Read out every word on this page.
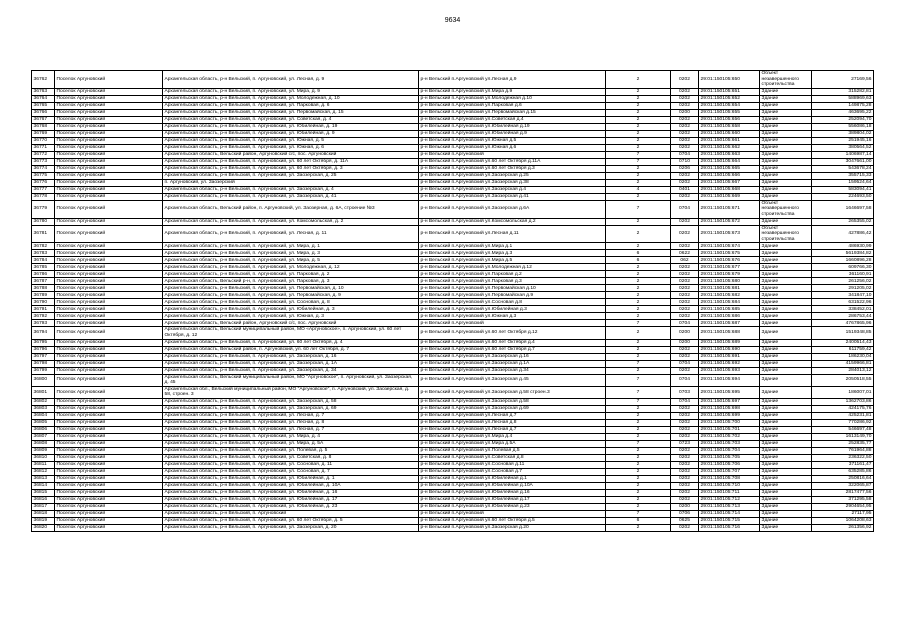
9634
36762	Поселок Аргуновский	Архангельская область, р-н Вельский, п. Аргуновский, ул. Лесная, д. 9	р-н Вельский п.Аргуновский ул.Лесная д.9	2	0202	29:01:150105:650	Объект незавершенного строительства	27169,56
36763	Поселок Аргуновский	Архангельская область, р-н Вельский, п. Аргуновский, ул. Мира, д. 9	р-н Вельский п.Аргуновский ул.Мира д.9	2	0202	29:01:150105:651	Здание	315282,81
36764	Поселок Аргуновский	Архангельская область, р-н Вельский, п. Аргуновский, ул. Молодежная, д. 10	р-н Вельский п.Аргуновский ул.Молодежная д.10	2	0202	29:01:150105:652	Здание	588969,63
36765	Поселок Аргуновский	Архангельская область, р-н Вельский, п. Аргуновский, ул. Парковая, д. 6	р-н Вельский п.Аргуновский ул.Парковая д.6	2	0202	29:01:150105:654	Здание	149875,28
36766	Поселок Аргуновский	Архангельская область, р-н Вельский, п. Аргуновский, ул. Первомайская, д. 15	р-н Вельский п.Аргуновский ул.Первомайская д.15	2	0200	29:01:150105:655	Здание	463695,22
36767	Поселок Аргуновский	Архангельская область, р-н Вельский, п. Аргуновский, ул. Советская, д. 4	р-н Вельский п.Аргуновский ул.Советская д.4	2	0202	29:01:150105:656	Здание	252094,70
36768	Поселок Аргуновский	Архангельская область, р-н Вельский, п. Аргуновский, ул. Юбилейная, д. 19	р-н Вельский п.Аргуновский ул.Юбилейная д.19	2	0202	29:01:150105:658	Здание	556086,18
36769	Поселок Аргуновский	Архангельская область, р-н Вельский, п. Аргуновский, ул. Юбилейная, д. 9	р-н Вельский п.Аргуновский ул.Юбилейная д.9	2	0202	29:01:150105:660	Здание	389804,02
36770	Поселок Аргуновский	Архангельская область, р-н Вельский, п. Аргуновский, ул. Южная, д. 5	р-н Вельский п.Аргуновский ул.Южная д.5	2	0202	29:01:150105:661	Здание	251945,16
36771	Поселок Аргуновский	Архангельская область, р-н Вельский, п. Аргуновский, ул. Южная, д. 6	р-н Вельский п.Аргуновский ул.Южная д.6	2	0202	29:01:150105:662	Здание	380564,52
36772	Поселок Аргуновский	Архангельская область, Вельский район, Аргуновский с/с, пос. Аргуновский	р-н Вельский п.Аргуновский	7	0704	29:01:150105:663	Здание	1406987,14
36773	Поселок Аргуновский	Архангельская область, р-н Вельский, п. Аргуновский, ул. 60 лет Октября, д. 11А	р-н Вельский п.Аргуновский ул.60 лет Октября д.11А	7	0710	29:01:150105:664	Здание	3047661,00
36774	Поселок Аргуновский	Архангельская область, р-н Вельский, п. Аргуновский, ул. 60 лет Октября, д. 3	р-н Вельский п.Аргуновский ул.60 лет Октября д.3	2	0206	29:01:150105:665	Здание	543678,24
36775	Поселок Аргуновский	Архангельская область, р-н Вельский, п. Аргуновский, ул. Заозерская, д. 25	р-н Вельский п.Аргуновский ул.Заозерская д.25	2	0202	29:01:150105:666	Здание	355715,33
36776	Поселок Аргуновский	п. Аргуновский, ул. Заозерский	р-н Вельский п.Аргуновский ул.Заозерская д.38	2	0202	29:01:150105:667	Здание	159524,64
36777	Поселок Аргуновский	Архангельская область, р-н Вельский, п. Аргуновский, ул. Заозерская, д. 4	р-н Вельский п.Аргуновский ул.Заозерская д.4	4	0401	29:01:150105:668	Здание	583094,41
36778	Поселок Аргуновский	Архангельская область, р-н Вельский, п. Аргуновский, ул. Заозерская, д. 41	р-н Вельский п.Аргуновский ул.Заозерская д.41	2	0202	29:01:150105:669	Здание	224693,50
36779	Поселок Аргуновский	Архангельская область, Вельский район, п. Аргуновский, ул. Заозерная, д. 6А, строение №3	р-н Вельский п.Аргуновский ул.Заозерская д.6А	7	0704	29:01:150105:671	Объект незавершенного строительства	1646697,58
36780	Поселок Аргуновский	Архангельская область, р-н Вельский, п. Аргуновский, ул. Комсомольская, д. 2	р-н Вельский п.Аргуновский ул.Комсомольская д.2	2	0202	29:01:150105:672	Здание	265355,02
36781	Поселок Аргуновский	Архангельская область, р-н Вельский, п. Аргуновский, ул. Лесная, д. 11	р-н Вельский п.Аргуновский ул.Лесная д.11	2	0202	29:01:150105:673	Объект незавершенного строительства	427886,42
36782	Поселок Аргуновский	Архангельская область, р-н Вельский, п. Аргуновский, ул. Мира, д. 1	р-н Вельский п.Аргуновский ул.Мира д.1	2	0202	29:01:150105:674	Здание	486930,99
36783	Поселок Аргуновский	Архангельская область, р-н Вельский, п. Аргуновский, ул. Мира, д. 3	р-н Вельский п.Аргуновский ул.Мира д.3	6	0622	29:01:150105:675	Здание	5619384,82
36784	Поселок Аргуновский	Архангельская область, р-н Вельский, п. Аргуновский, ул. Мира, д. 5	р-н Вельский п.Аргуновский ул.Мира д.5	6	062	29:01:150105:676	Здание	1660896,28
36785	Поселок Аргуновский	Архангельская область, р-н Вельский, п. Аргуновский, ул. Молодежная, д. 12	р-н Вельский п.Аргуновский ул.Молодежная д.12	2	0202	29:01:150105:677	Здание	609766,30
36786	Поселок Аргуновский	Архангельская область, р-н Вельский, п. Аргуновский, ул. Парковая, д. 2	р-н Вельский п.Аргуновский ул.Парковая д.2	2	0202	29:01:150105:679	Здание	361160,91
36787	Поселок Аргуновский	Архангельская область, Вельский р-н, п. Аргуновский, ул. Парковая, д. 3	р-н Вельский п.Аргуновский ул.Парковая д.3	2	0202	29:01:150105:680	Здание	261256,02
36788	Поселок Аргуновский	Архангельская область, р-н Вельский, п. Аргуновский, ул. Первомайская, д. 10	р-н Вельский п.Аргуновский ул.Первомайская д.10	2	0202	29:01:150105:681	Здание	291205,02
36789	Поселок Аргуновский	Архангельская область, р-н Вельский, п. Аргуновский, ул. Первомайская, д. 9	р-н Вельский п.Аргуновский ул.Первомайская д.9	2	0202	29:01:150105:682	Здание	341847,10
36790	Поселок Аргуновский	Архангельская область, р-н Вельский, п. Аргуновский, ул. Сосновая, д. 8	р-н Вельский п.Аргуновский ул.Сосновая д.8	2	0202	29:01:150105:684	Здание	631522,96
36791	Поселок Аргуновский	Архангельская область, р-н Вельский, п. Аргуновский, ул. Юбилейная, д. 3	р-н Вельский п.Аргуновский ул.Юбилейная д.3	2	0202	29:01:150105:685	Здание	338452,01
36792	Поселок Аргуновский	Архангельская область, р-н Вельский, п. Аргуновский, ул. Южная, д. 3	р-н Вельский п.Аргуновский ул.Южная д.3	2	0202	29:01:150105:686	Здание	286753,44
36793	Поселок Аргуновский	Архангельская область, Вельский район, Аргуновский с/с, пос. Аргуновский	р-н Вельский п.Аргуновский	7	0704	29:01:150105:687	Здание	4767865,96
36794	Поселок Аргуновский	Архангельская область, Вельский муниципальный район, МО «Аргуновское», п. Аргуновский, ул. 60 лет Октября, д. 12	р-н Вельский п.Аргуновский ул.60 лет Октября д.12	2	0200	29:01:150105:688	Здание	1519348,85
36795	Поселок Аргуновский	Архангельская область, р-н Вельский, п. Аргуновский, ул. 60 лет Октября, д. 4	р-н Вельский п.Аргуновский ул.60 лет Октября д.4	2	0200	29:01:150105:689	Здание	2400514,43
36796	Поселок Аргуновский	Архангельская область, Вельский район, п. Аргуновский, ул. 60 лет Октября, д. 7	р-н Вельский п.Аргуновский ул.60 лет Октября д.7	2	0202	29:01:150105:690	Здание	611759,42
36797	Поселок Аргуновский	Архангельская область, р-н Вельский, п. Аргуновский, ул. Заозерская, д. 16	р-н Вельский п.Аргуновский ул.Заозерская д.16	2	0202	29:01:150105:691	Здание	186230,04
36798	Поселок Аргуновский	Архангельская область, р-н Вельский, п. Аргуновский, ул. Заозерская, д. 1А	р-н Вельский п.Аргуновский ул.Заозерская д.1А	7	0704	29:01:150105:692	Здание	4159966,81
36799	Поселок Аргуновский	Архангельская область, р-н Вельский, п. Аргуновский, ул. Заозерская, д. 34	р-н Вельский п.Аргуновский ул.Заозерская д.34	2	0202	29:01:150105:693	Здание	284013,12
36800	Поселок Аргуновский	Архангельская область, Вельский муниципальный район, МО "Аргуновское", п. Аргуновский, ул. Заозерская, д. 45	р-н Вельский п.Аргуновский ул.Заозерская д.45	7	0704	29:01:150105:694	Здание	2050518,55
36801	Поселок Аргуновский	Архангельская обл., Вельский муниципальный район, МО "Аргуновское", п. Аргуновский, ул. Заозерская, д. 58, строен. 3	р-н Вельский п.Аргуновский ул.Заозерская д.58 строен.3	7	0703	29:01:150105:695	Здание	186007,01
36802	Поселок Аргуновский	Архангельская область, р-н Вельский, п. Аргуновский, ул. Заозерская, д. 58	р-н Вельский п.Аргуновский ул.Заозерская д.58	7	0704	29:01:150105:697	Здание	1362703,86
36803	Поселок Аргуновский	Архангельская область, р-н Вельский, п. Аргуновский, ул. Заозерская, д. 69	р-н Вельский п.Аргуновский ул.Заозерская д.69	2	0202	29:01:150105:698	Здание	424175,76
36804	Поселок Аргуновский	Архангельская область, р-н Вельский, п. Аргуновский, ул. Лесная, д. 7	р-н Вельский п.Аргуновский ул.Лесная д.7	2	0202	29:01:150105:699	Здание	425231,81
36805	Поселок Аргуновский	Архангельская область, р-н Вельский, п. Аргуновский, ул. Лесная, д. 8	р-н Вельский п.Аргуновский ул.Лесная д.8	2	0202	29:01:150105:700	Здание	770286,92
36806	Поселок Аргуновский	Архангельская область, р-н Вельский, п. Аргуновский, ул. Лесная, д. 7	р-н Вельский п.Аргуновский ул.Лесная д.7	2	0202	29:01:150105:701	Здание	546697,48
36807	Поселок Аргуновский	Архангельская область, р-н Вельский, п. Аргуновский, ул. Мира, д. 4	р-н Вельский п.Аргуновский ул.Мира д.4	2	0202	29:01:150105:702	Здание	1613149,70
36808	Поселок Аргуновский	Архангельская область, р-н Вельский, п. Аргуновский, ул. Мира, д. 5А	р-н Вельский п.Аргуновский ул.Мира д.5А	7	0723	29:01:150105:703	Здание	252835,77
36809	Поселок Аргуновский	Архангельская область, р-н Вельский, п. Аргуновский, ул. Полевая, д. 5	р-н Вельский п.Аргуновский ул.Полевая д.5	2	0202	29:01:150105:704	Здание	761964,88
36810	Поселок Аргуновский	Архангельская область, р-н Вельский, п. Аргуновский, ул. Советская, д. 8	р-н Вельский п.Аргуновский ул.Советская д.8	2	0202	29:01:150105:705	Здание	236322,50
36811	Поселок Аргуновский	Архангельская область, р-н Вельский, п. Аргуновский, ул. Сосновая, д. 11	р-н Вельский п.Аргуновский ул.Сосновая д.11	2	0202	29:01:150105:706	Здание	371161,47
36812	Поселок Аргуновский	Архангельская область, р-н Вельский, п. Аргуновский, ул. Сосновая, д. 7	р-н Вельский п.Аргуновский ул.Сосновая д.7	2	0202	29:01:150105:707	Здание	635285,86
36813	Поселок Аргуновский	Архангельская область, р-н Вельский, п. Аргуновский, ул. Юбилейная, д. 1	р-н Вельский п.Аргуновский ул.Юбилейная д.1	2	0202	29:01:150105:708	Здание	250816,64
36814	Поселок Аргуновский	Архангельская область, р-н Вельский, п. Аргуновский, ул. Юбилейная, д. 10А	р-н Вельский п.Аргуновский ул.Юбилейная д.10А	2	0202	29:01:150105:710	Здание	322065,87
36815	Поселок Аргуновский	Архангельская область, р-н Вельский, п. Аргуновский, ул. Юбилейная, д. 16	р-н Вельский п.Аргуновский ул.Юбилейная д.16	2	0202	29:01:150105:711	Здание	2817477,56
36816	Поселок Аргуновский	Архангельская область, р-н Вельский, п. Аргуновский, ул. Юбилейная, д. 17	р-н Вельский п.Аргуновский ул.Юбилейная д.17	2	0202	29:01:150105:712	Здание	371295,58
36817	Поселок Аргуновский	Архангельская область, р-н Вельский, п. Аргуновский, ул. Юбилейная, д. 23	р-н Вельский п.Аргуновский ул.Юбилейная д.23	2	0200	29:01:150105:713	Здание	2904654,95
36818	Поселок Аргуновский	Архангельская область, р-н Вельский, п. Аргуновский	р-н Вельский п.Аргуновский	7	0706	29:01:150105:714	Здание	27117,95
36819	Поселок Аргуновский	Архангельская область, р-н Вельский, п. Аргуновский, ул. 60 лет Октября, д. 5	р-н Вельский п.Аргуновский ул.60 лет Октября д.5	6	0625	29:01:150105:715	Здание	1064208,63
36820	Поселок Аргуновский	Архангельская область, р-н Вельский, п. Аргуновский, ул. Заозерская, д. 20	р-н Вельский п.Аргуновский ул.Заозерская д.20	2	0202	29:01:150105:716	Здание	261356,92
